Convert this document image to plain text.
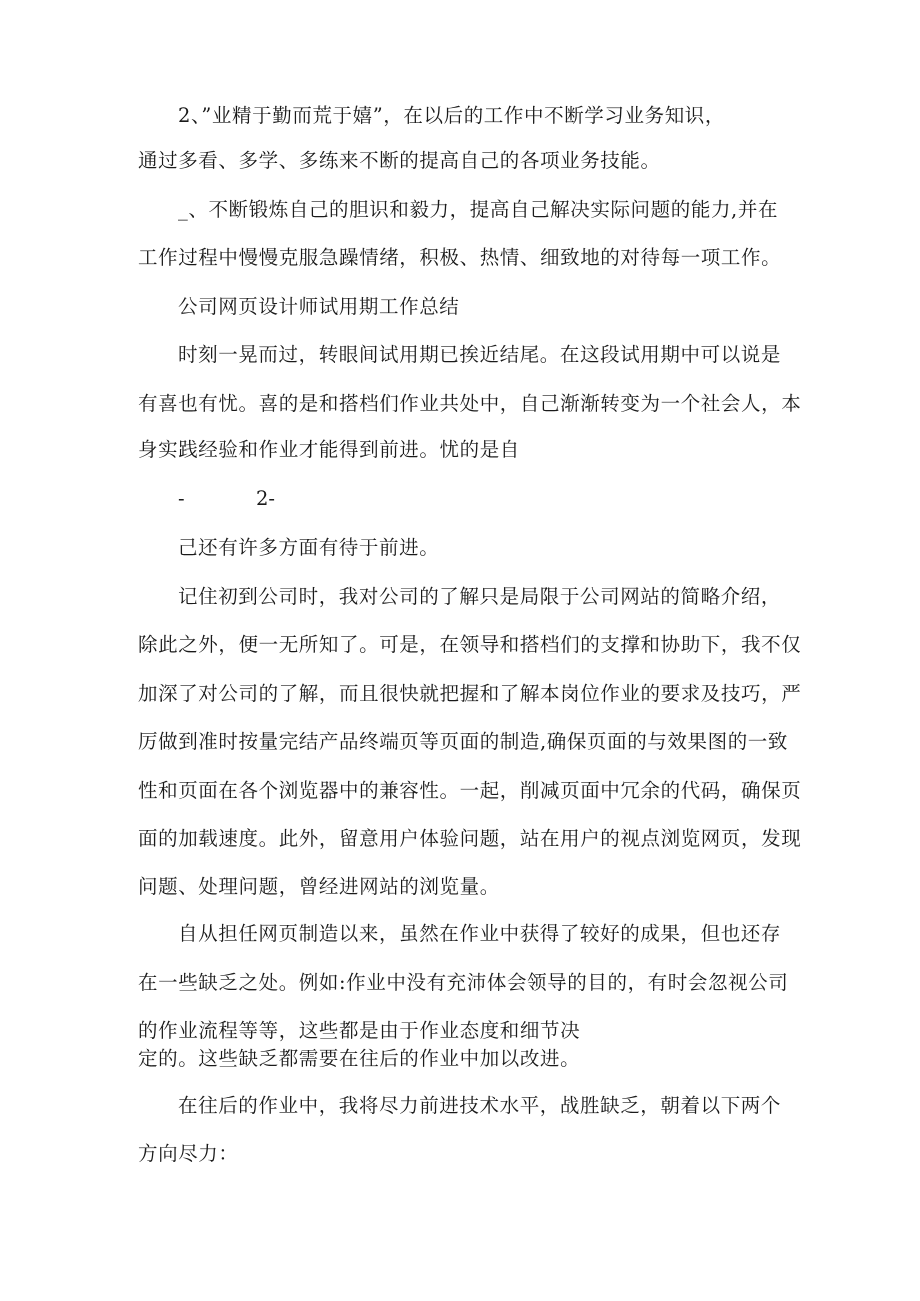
2、”业精于勤而荒于嬉”，在以后的工作中不断学习业务知识，
通过多看、多学、多练来不断的提高自己的各项业务技能。
_、不断锻炼自己的胆识和毅力，提高自己解决实际问题的能力,并在
工作过程中慢慢克服急躁情绪，积极、热情、细致地的对待每一项工作。
公司网页设计师试用期工作总结
时刻一晃而过，转眼间试用期已挨近结尾。在这段试用期中可以说是
有喜也有忧。喜的是和搭档们作业共处中，自己渐渐转变为一个社会人，本
身实践经验和作业才能得到前进。忧的是自
-	2-
己还有许多方面有待于前进。
记住初到公司时，我对公司的了解只是局限于公司网站的简略介绍，
除此之外，便一无所知了。可是，在领导和搭档们的支撑和协助下，我不仅
加深了对公司的了解，而且很快就把握和了解本岗位作业的要求及技巧，严
厉做到准时按量完结产品终端页等页面的制造,确保页面的与效果图的一致
性和页面在各个浏览器中的兼容性。一起，削减页面中冗余的代码，确保页
面的加载速度。此外，留意用户体验问题，站在用户的视点浏览网页，发现
问题、处理问题，曾经进网站的浏览量。
自从担任网页制造以来，虽然在作业中获得了较好的成果，但也还存
在一些缺乏之处。例如:作业中没有充沛体会领导的目的，有时会忽视公司
的作业流程等等，这些都是由于作业态度和细节决
定的。这些缺乏都需要在往后的作业中加以改进。
在往后的作业中，我将尽力前进技术水平，战胜缺乏，朝着以下两个
方向尽力：
